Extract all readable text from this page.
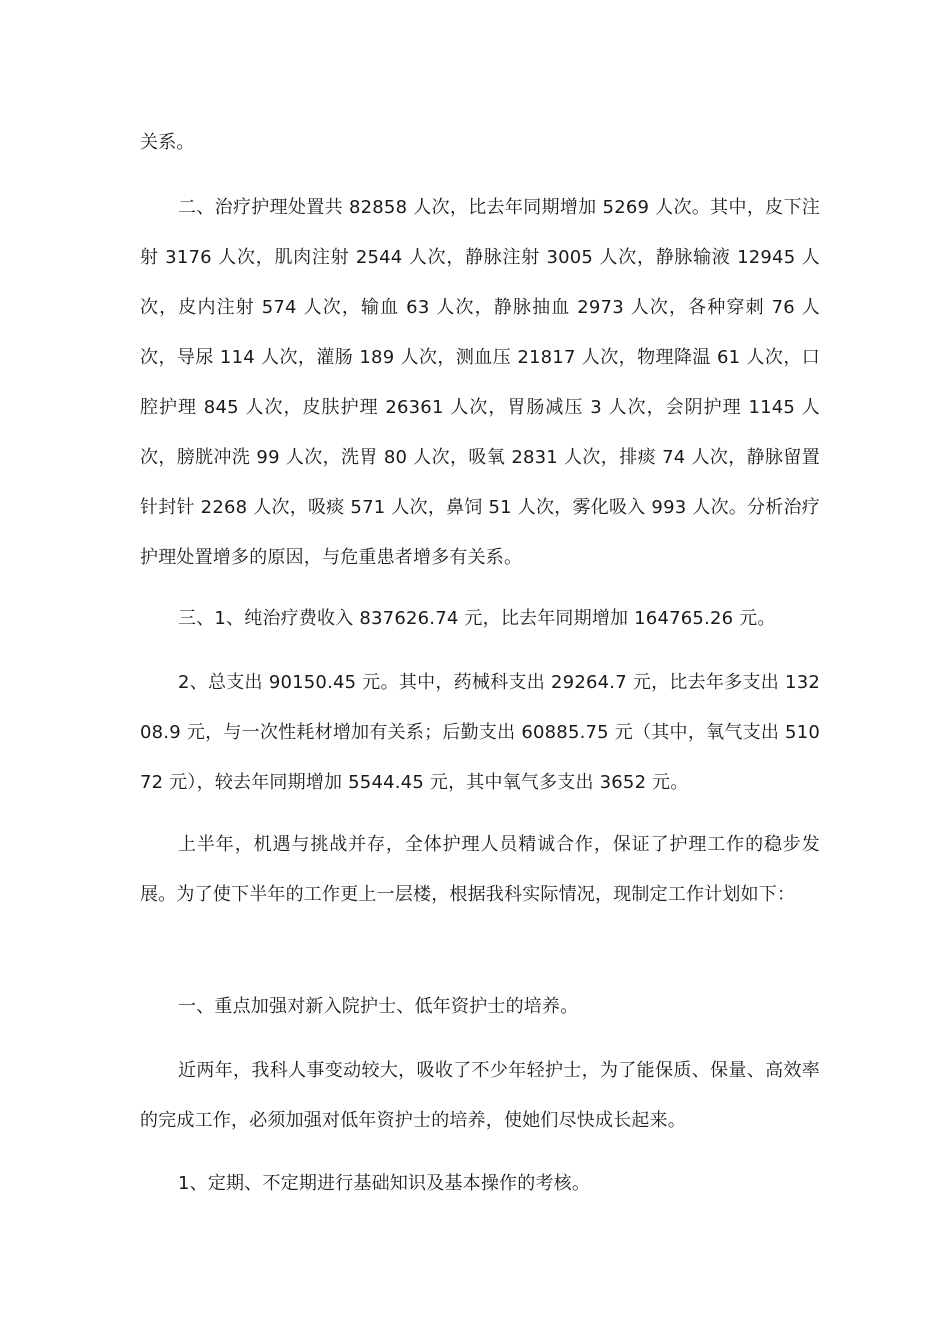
关系。

二、治疗护理处置共 82858 人次，比去年同期增加 5269 人次。其中，皮下注射 3176 人次，肌肉注射 2544 人次，静脉注射 3005 人次，静脉输液 12945 人次，皮内注射 574 人次，输血 63 人次，静脉抽血 2973 人次，各种穿刺 76 人次，导尿 114 人次，灌肠 189 人次，测血压 21817 人次，物理降温 61 人次，口腔护理 845 人次，皮肤护理 26361 人次，胃肠减压 3 人次，会阴护理 1145 人次，膀胱冲洗 99 人次，洗胃 80 人次，吸氧 2831 人次，排痰 74 人次，静脉留置针封针 2268 人次，吸痰 571 人次，鼻饲 51 人次，雾化吸入 993 人次。分析治疗护理处置增多的原因，与危重患者增多有关系。

三、1、纯治疗费收入 837626.74 元，比去年同期增加 164765.26 元。

2、总支出 90150.45 元。其中，药械科支出 29264.7 元，比去年多支出 13208.9 元，与一次性耗材增加有关系；后勤支出 60885.75 元（其中，氧气支出 51072 元），较去年同期增加 5544.45 元，其中氧气多支出 3652 元。

上半年，机遇与挑战并存，全体护理人员精诚合作，保证了护理工作的稳步发展。为了使下半年的工作更上一层楼，根据我科实际情况，现制定工作计划如下：

一、重点加强对新入院护士、低年资护士的培养。

近两年，我科人事变动较大，吸收了不少年轻护士，为了能保质、保量、高效率的完成工作，必须加强对低年资护士的培养，使她们尽快成长起来。

1、定期、不定期进行基础知识及基本操作的考核。
